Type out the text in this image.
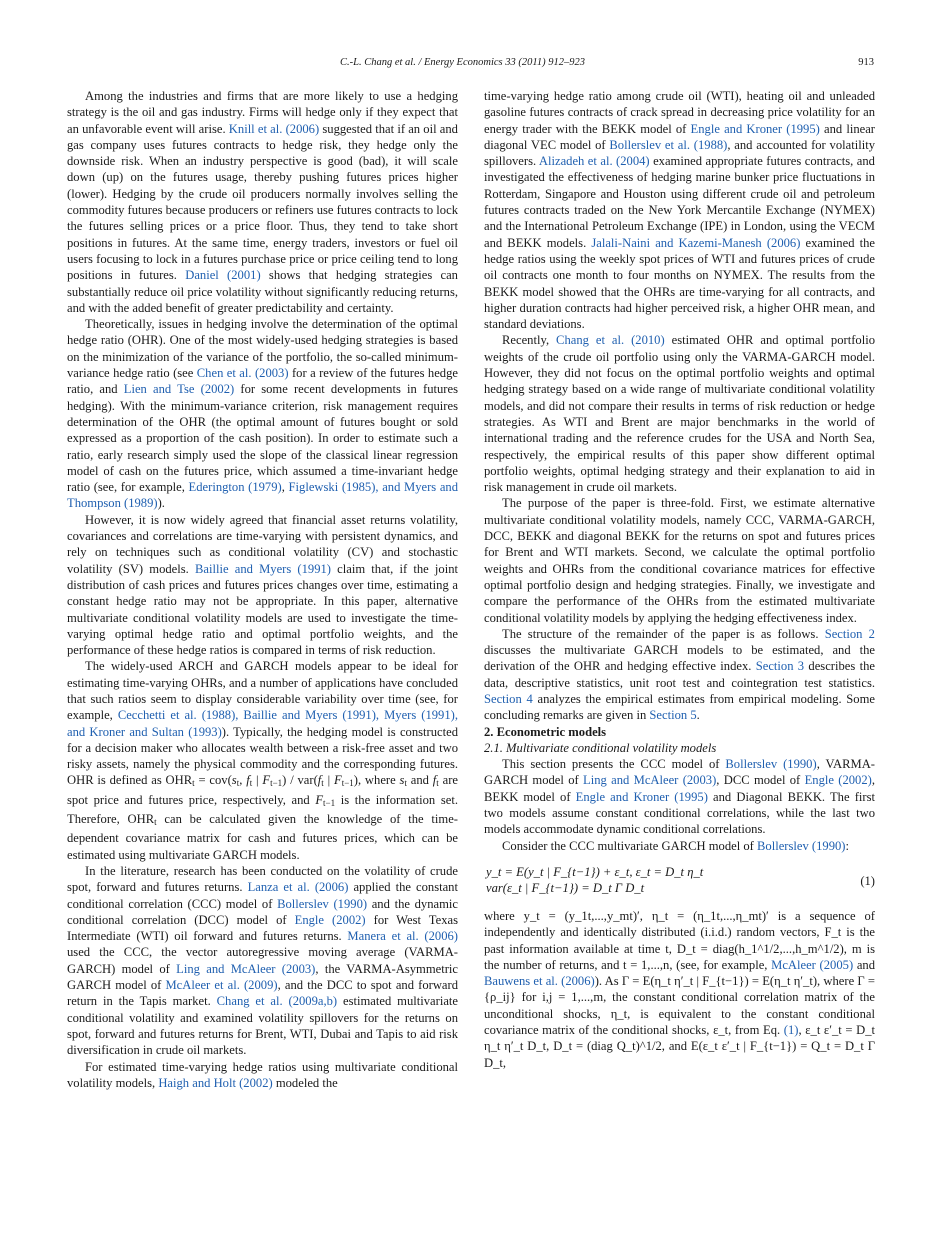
C.-L. Chang et al. / Energy Economics 33 (2011) 912–923	913

Among the industries and firms that are more likely to use a hedging strategy is the oil and gas industry. Firms will hedge only if they expect that an unfavorable event will arise. Knill et al. (2006) suggested that if an oil and gas company uses futures contracts to hedge risk, they hedge only the downside risk. When an industry perspective is good (bad), it will scale down (up) on the futures usage, thereby pushing futures prices higher (lower). Hedging by the crude oil producers normally involves selling the commodity futures because producers or refiners use futures contracts to lock the futures selling prices or a price floor. Thus, they tend to take short positions in futures. At the same time, energy traders, investors or fuel oil users focusing to lock in a futures purchase price or price ceiling tend to long positions in futures. Daniel (2001) shows that hedging strategies can substantially reduce oil price volatility without significantly reducing returns, and with the added benefit of greater predictability and certainty.

Theoretically, issues in hedging involve the determination of the optimal hedge ratio (OHR). One of the most widely-used hedging strategies is based on the minimization of the variance of the portfolio, the so-called minimum-variance hedge ratio (see Chen et al. (2003) for a review of the futures hedge ratio, and Lien and Tse (2002) for some recent developments in futures hedging). With the minimum-variance criterion, risk management requires determination of the OHR (the optimal amount of futures bought or sold expressed as a proportion of the cash position). In order to estimate such a ratio, early research simply used the slope of the classical linear regression model of cash on the futures price, which assumed a time-invariant hedge ratio (see, for example, Ederington (1979), Figlewski (1985), and Myers and Thompson (1989)).

However, it is now widely agreed that financial asset returns volatility, covariances and correlations are time-varying with persistent dynamics, and rely on techniques such as conditional volatility (CV) and stochastic volatility (SV) models. Baillie and Myers (1991) claim that, if the joint distribution of cash prices and futures prices changes over time, estimating a constant hedge ratio may not be appropriate. In this paper, alternative multivariate conditional volatility models are used to investigate the time-varying optimal hedge ratio and optimal portfolio weights, and the performance of these hedge ratios is compared in terms of risk reduction.

The widely-used ARCH and GARCH models appear to be ideal for estimating time-varying OHRs, and a number of applications have concluded that such ratios seem to display considerable variability over time (see, for example, Cecchetti et al. (1988), Baillie and Myers (1991), Myers (1991), and Kroner and Sultan (1993)). Typically, the hedging model is constructed for a decision maker who allocates wealth between a risk-free asset and two risky assets, namely the physical commodity and the corresponding futures. OHR is defined as $OHR_t = cov(s_t$, $f_t$ | $F_{t-1}) / var(f_t$ | $F_{t-1}$), where $s_t$ and $f_t$ are spot price and futures price, respectively, and $F_{t-1}$ is the information set. Therefore, $OHR_t$ can be calculated given the knowledge of the time-dependent covariance matrix for cash and futures prices, which can be estimated using multivariate GARCH models.

In the literature, research has been conducted on the volatility of crude spot, forward and futures returns. Lanza et al. (2006) applied the constant conditional correlation (CCC) model of Bollerslev (1990) and the dynamic conditional correlation (DCC) model of Engle (2002) for West Texas Intermediate (WTI) oil forward and futures returns. Manera et al. (2006) used the CCC, the vector autoregressive moving average (VARMA-GARCH) model of Ling and McAleer (2003), the VARMA-Asymmetric GARCH model of McAleer et al. (2009), and the DCC to spot and forward return in the Tapis market. Chang et al. (2009a,b) estimated multivariate conditional volatility and examined volatility spillovers for the returns on spot, forward and futures returns for Brent, WTI, Dubai and Tapis to aid risk diversification in crude oil markets.

For estimated time-varying hedge ratios using multivariate conditional volatility models, Haigh and Holt (2002) modeled the

time-varying hedge ratio among crude oil (WTI), heating oil and unleaded gasoline futures contracts of crack spread in decreasing price volatility for an energy trader with the BEKK model of Engle and Kroner (1995) and linear diagonal VEC model of Bollerslev et al. (1988), and accounted for volatility spillovers. Alizadeh et al. (2004) examined appropriate futures contracts, and investigated the effectiveness of hedging marine bunker price fluctuations in Rotterdam, Singapore and Houston using different crude oil and petroleum futures contracts traded on the New York Mercantile Exchange (NYMEX) and the International Petroleum Exchange (IPE) in London, using the VECM and BEKK models. Jalali-Naini and Kazemi-Manesh (2006) examined the hedge ratios using the weekly spot prices of WTI and futures prices of crude oil contracts one month to four months on NYMEX. The results from the BEKK model showed that the OHRs are time-varying for all contracts, and higher duration contracts had higher perceived risk, a higher OHR mean, and standard deviations.

Recently, Chang et al. (2010) estimated OHR and optimal portfolio weights of the crude oil portfolio using only the VARMA-GARCH model. However, they did not focus on the optimal portfolio weights and optimal hedging strategy based on a wide range of multivariate conditional volatility models, and did not compare their results in terms of risk reduction or hedge strategies. As WTI and Brent are major benchmarks in the world of international trading and the reference crudes for the USA and North Sea, respectively, the empirical results of this paper show different optimal portfolio weights, optimal hedging strategy and their explanation to aid in risk management in crude oil markets.

The purpose of the paper is three-fold. First, we estimate alternative multivariate conditional volatility models, namely CCC, VARMA-GARCH, DCC, BEKK and diagonal BEKK for the returns on spot and futures prices for Brent and WTI markets. Second, we calculate the optimal portfolio weights and OHRs from the conditional covariance matrices for effective optimal portfolio design and hedging strategies. Finally, we investigate and compare the performance of the OHRs from the estimated multivariate conditional volatility models by applying the hedging effectiveness index.

The structure of the remainder of the paper is as follows. Section 2 discusses the multivariate GARCH models to be estimated, and the derivation of the OHR and hedging effective index. Section 3 describes the data, descriptive statistics, unit root test and cointegration test statistics. Section 4 analyzes the empirical estimates from empirical modeling. Some concluding remarks are given in Section 5.

2. Econometric models

2.1. Multivariate conditional volatility models

This section presents the CCC model of Bollerslev (1990), VARMA-GARCH model of Ling and McAleer (2003), DCC model of Engle (2002), BEKK model of Engle and Kroner (1995) and Diagonal BEKK. The first two models assume constant conditional correlations, while the last two models accommodate dynamic conditional correlations.

Consider the CCC multivariate GARCH model of Bollerslev (1990):

y_t = E(y_t | F_{t−1}) + ε_t, ε_t = D_t η_t
var(ε_t | F_{t−1}) = D_t Γ D_t
(1)

where y_t = (y_1t,...,y_mt)′, η_t = (η_1t,...,η_mt)′ is a sequence of independently and identically distributed (i.i.d.) random vectors, F_t is the past information available at time t, D_t = diag(h_1^1/2,...,h_m^1/2), m is the number of returns, and t = 1,...,n, (see, for example, McAleer (2005) and Bauwens et al. (2006)). As Γ = E(η_t η′_t | F_{t−1}) = E(η_t η′_t), where Γ = {ρ_ij} for i,j = 1,...,m, the constant conditional correlation matrix of the unconditional shocks, η_t, is equivalent to the constant conditional covariance matrix of the conditional shocks, ε_t, from Eq. (1), ε_t ε′_t = D_t η_t η′_t D_t, D_t = (diag Q_t)^1/2, and E(ε_t ε′_t | F_{t−1}) = Q_t = D_t Γ D_t,
